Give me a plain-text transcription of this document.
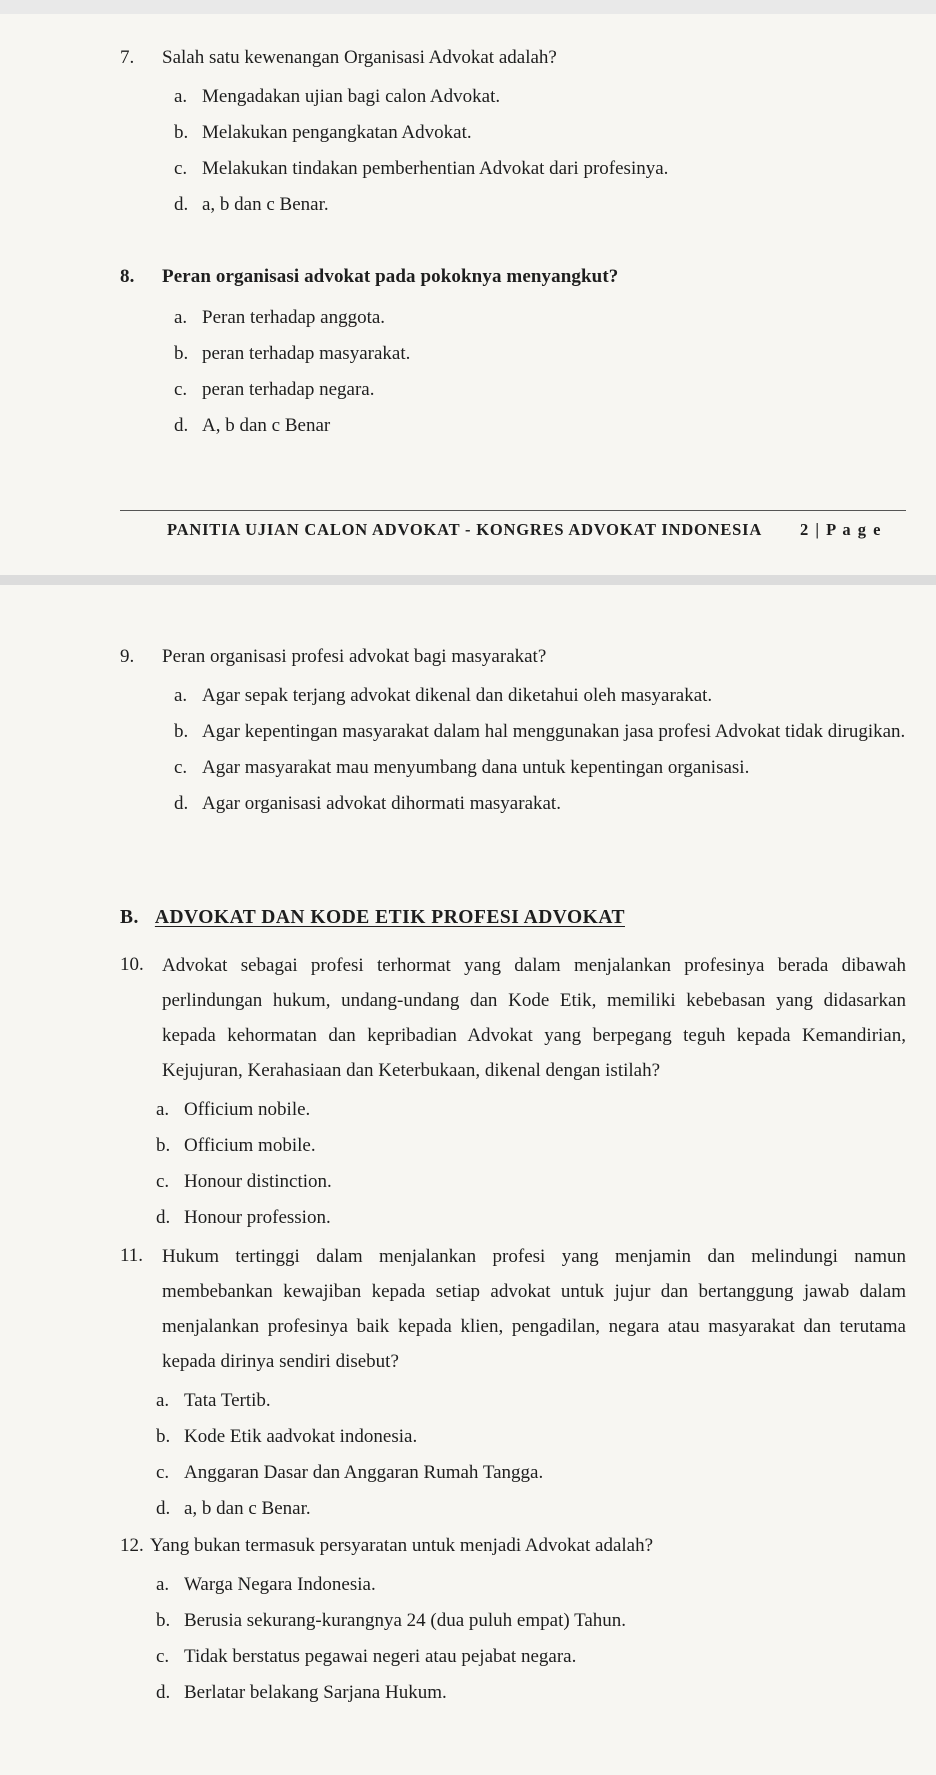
7.	Salah satu kewenangan Organisasi Advokat adalah?
a. Mengadakan ujian bagi calon Advokat.
b. Melakukan pengangkatan Advokat.
c. Melakukan tindakan pemberhentian Advokat dari profesinya.
d. a, b dan c Benar.
8.	Peran organisasi advokat pada pokoknya menyangkut?
a. Peran terhadap anggota.
b. peran terhadap masyarakat.
c. peran terhadap negara.
d. A, b dan c Benar
PANITIA UJIAN CALON ADVOKAT - KONGRES ADVOKAT INDONESIA 2 | P a g e
9.	Peran organisasi profesi advokat bagi masyarakat?
a. Agar sepak terjang advokat dikenal dan diketahui oleh masyarakat.
b. Agar kepentingan masyarakat dalam hal menggunakan jasa profesi Advokat tidak dirugikan.
c. Agar masyarakat mau menyumbang dana untuk kepentingan organisasi.
d. Agar organisasi advokat dihormati masyarakat.
B. ADVOKAT DAN KODE ETIK PROFESI ADVOKAT
10. Advokat sebagai profesi terhormat yang dalam menjalankan profesinya berada dibawah perlindungan hukum, undang-undang dan Kode Etik, memiliki kebebasan yang didasarkan kepada kehormatan dan kepribadian Advokat yang berpegang teguh kepada Kemandirian, Kejujuran, Kerahasiaan dan Keterbukaan, dikenal dengan istilah?
a. Officium nobile.
b. Officium mobile.
c. Honour distinction.
d. Honour profession.
11. Hukum tertinggi dalam menjalankan profesi yang menjamin dan melindungi namun membebankan kewajiban kepada setiap advokat untuk jujur dan bertanggung jawab dalam menjalankan profesinya baik kepada klien, pengadilan, negara atau masyarakat dan terutama kepada dirinya sendiri disebut?
a. Tata Tertib.
b. Kode Etik aadvokat indonesia.
c. Anggaran Dasar dan Anggaran Rumah Tangga.
d. a, b dan c Benar.
12. Yang bukan termasuk persyaratan untuk menjadi Advokat adalah?
a. Warga Negara Indonesia.
b. Berusia sekurang-kurangnya 24 (dua puluh empat) Tahun.
c. Tidak berstatus pegawai negeri atau pejabat negara.
d. Berlatar belakang Sarjana Hukum.
